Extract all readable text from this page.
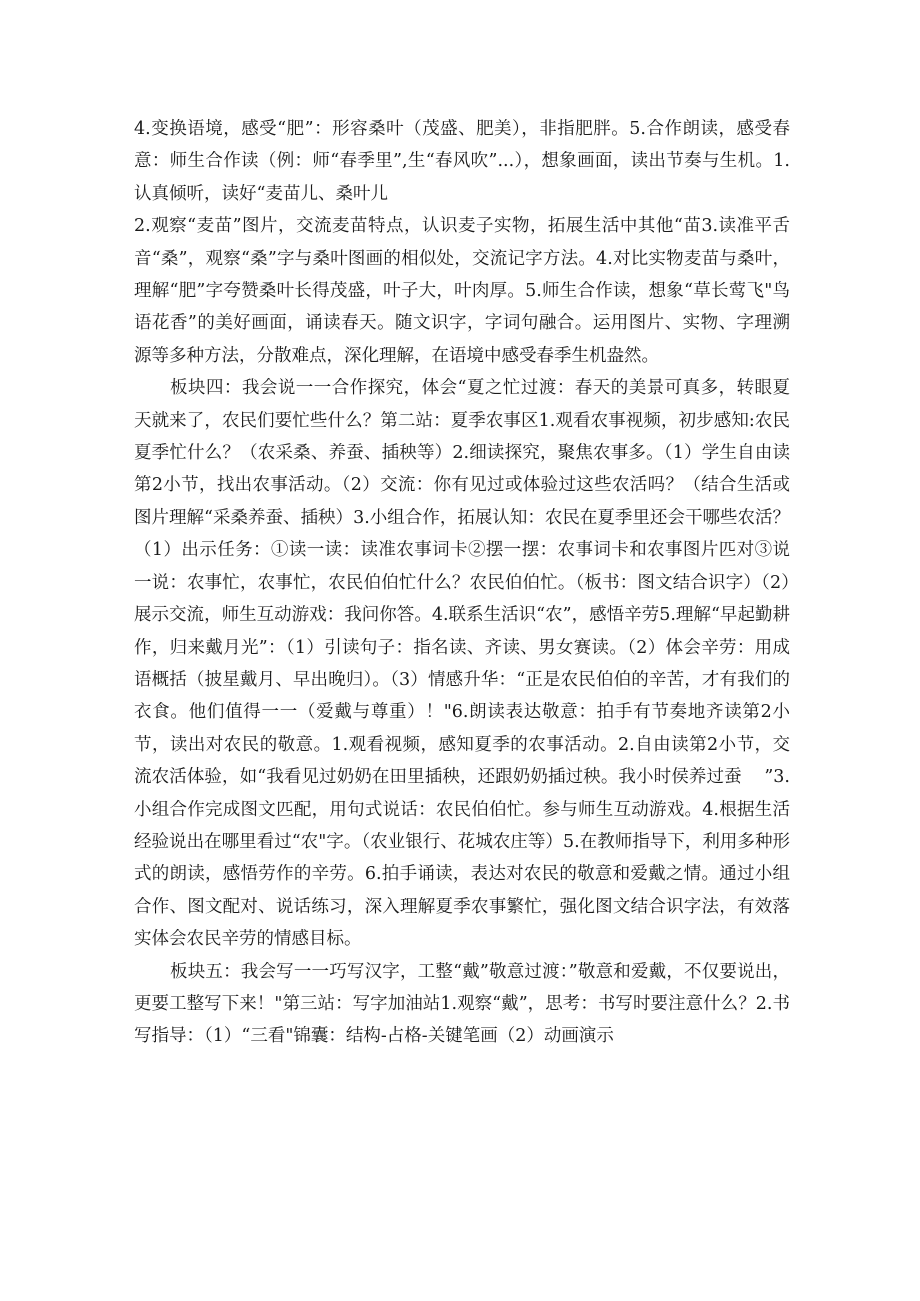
4.变换语境，感受“肥”：形容桑叶（茂盛、肥美），非指肥胖。5.合作朗读，感受春意：师生合作读（例：师“春季里”,生“春风吹”...），想象画面，读出节奏与生机。1.认真倾听，读好“麦苗儿、桑叶儿

2.观察“麦苗”图片，交流麦苗特点，认识麦子实物，拓展生活中其他“苗3.读准平舌音“桑”，观察“桑”字与桑叶图画的相似处，交流记字方法。4.对比实物麦苗与桑叶，理解“肥”字夸赞桑叶长得茂盛，叶子大，叶肉厚。5.师生合作读，想象“草长莺飞"鸟语花香”的美好画面，诵读春天。随文识字，字词句融合。运用图片、实物、字理溯源等多种方法，分散难点，深化理解，在语境中感受春季生机盎然。

板块四：我会说一一合作探究，体会“夏之忙过渡：春天的美景可真多，转眼夏天就来了，农民们要忙些什么？第二站：夏季农事区1.观看农事视频，初步感知:农民夏季忙什么？（农采桑、养蚕、插秧等）2.细读探究，聚焦农事多。（1）学生自由读第2小节，找出农事活动。（2）交流：你有见过或体验过这些农活吗？（结合生活或图片理解“采桑养蚕、插秧）3.小组合作，拓展认知：农民在夏季里还会干哪些农活？（1）出示任务：①读一读：读准农事词卡②摆一摆：农事词卡和农事图片匹对③说一说：农事忙，农事忙，农民伯伯忙什么？农民伯伯忙。（板书：图文结合识字）（2）展示交流，师生互动游戏：我问你答。4.联系生活识“农”，感悟辛劳5.理解“早起勤耕作，归来戴月光”：（1）引读句子：指名读、齐读、男女赛读。（2）体会辛劳：用成语概括（披星戴月、早出晚归）。（3）情感升华：“正是农民伯伯的辛苦，才有我们的衣食。他们值得一一（爱戴与尊重）！"6.朗读表达敬意：拍手有节奏地齐读第2小节，读出对农民的敬意。1.观看视频，感知夏季的农事活动。2.自由读第2小节，交流农活体验，如“我看见过奶奶在田里插秧，还跟奶奶插过秧。我小时侯养过蚕    ”3.小组合作完成图文匹配，用句式说话：农民伯伯忙。参与师生互动游戏。4.根据生活经验说出在哪里看过“农"字。（农业银行、花城农庄等）5.在教师指导下，利用多种形式的朗读，感悟劳作的辛劳。6.拍手诵读，表达对农民的敬意和爱戴之情。通过小组合作、图文配对、说话练习，深入理解夏季农事繁忙，强化图文结合识字法，有效落实体会农民辛劳的情感目标。

板块五：我会写一一巧写汉字，工整“戴”敬意过渡：”敬意和爱戴，不仅要说出，更要工整写下来！"第三站：写字加油站1.观察“戴”，思考：书写时要注意什么？2.书写指导：（1）“三看"锦囊：结构-占格-关键笔画（2）动画演示
